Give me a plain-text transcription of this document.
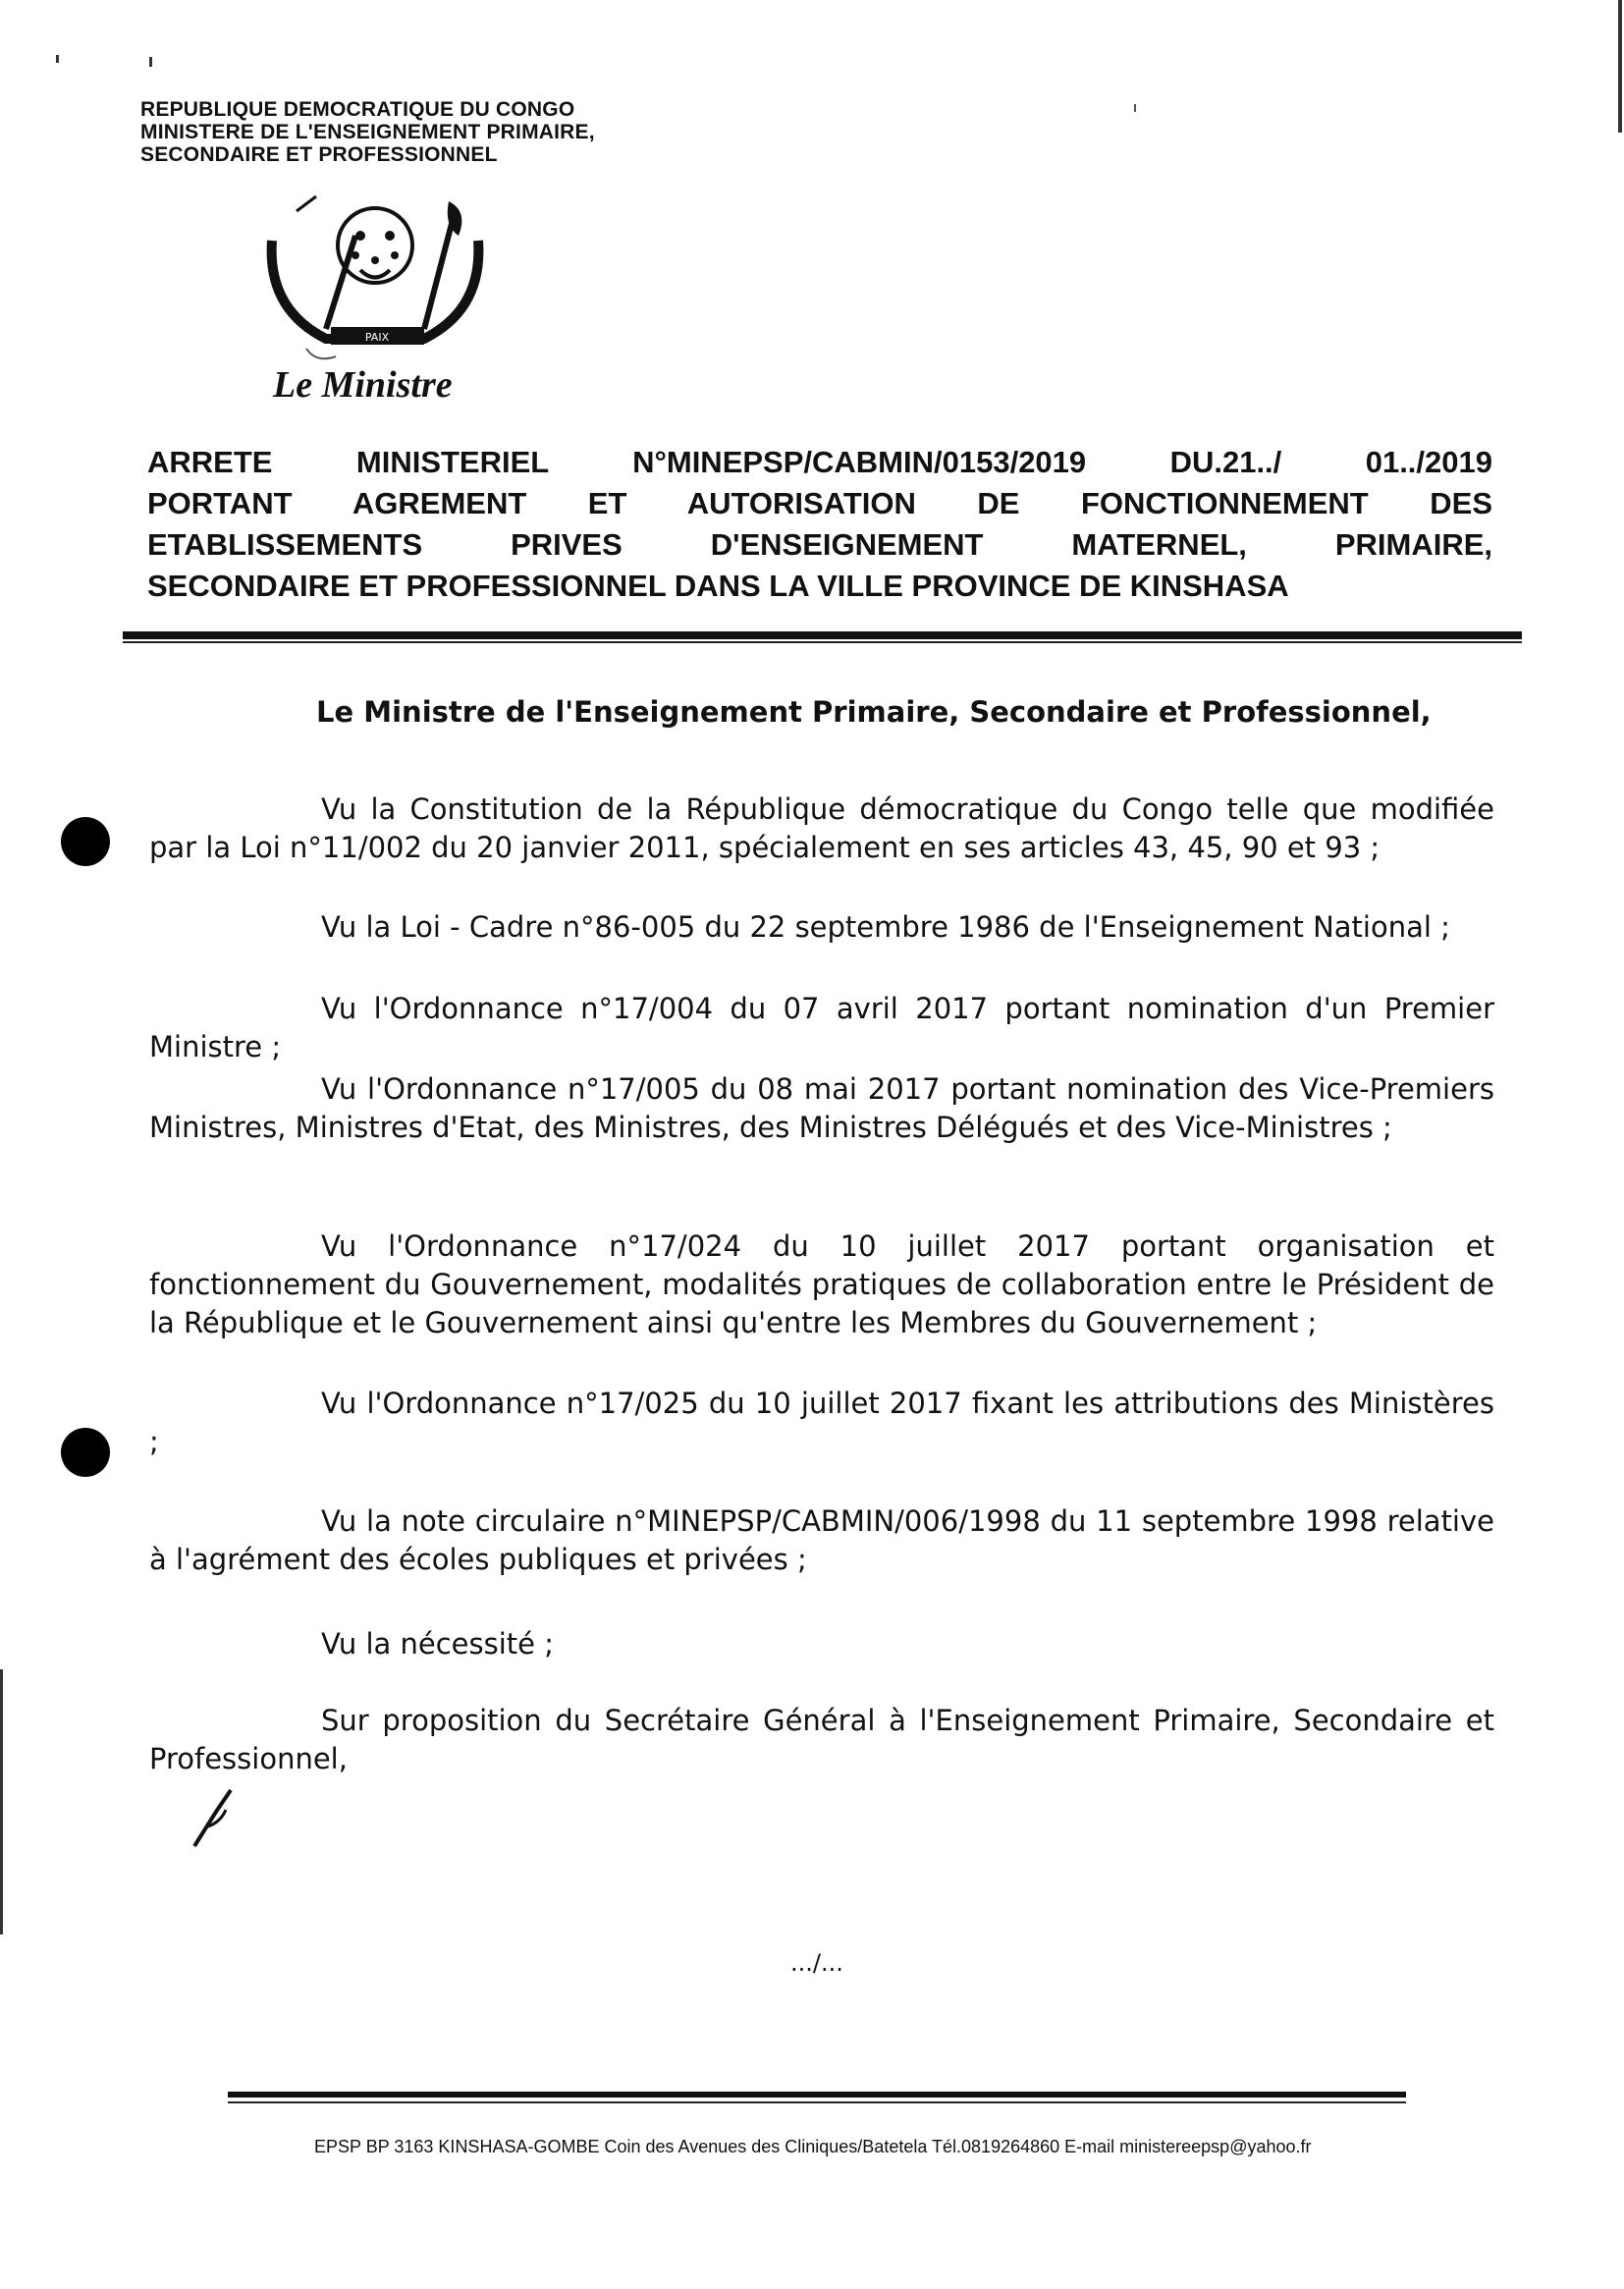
REPUBLIQUE DEMOCRATIQUE DU CONGO
MINISTERE DE L'ENSEIGNEMENT PRIMAIRE,
SECONDAIRE ET PROFESSIONNEL
PAIX
Le Ministre
ARRETE MINISTERIEL N°MINEPSP/CABMIN/0153/2019 DU.21../ 01../2019
PORTANT AGREMENT ET AUTORISATION DE FONCTIONNEMENT DES
ETABLISSEMENTS PRIVES D'ENSEIGNEMENT MATERNEL, PRIMAIRE,
SECONDAIRE ET PROFESSIONNEL DANS LA VILLE PROVINCE DE KINSHASA
Le Ministre de l'Enseignement Primaire, Secondaire et Professionnel,

Vu la Constitution de la République démocratique du Congo telle que modifiée par la Loi n°11/002 du 20 janvier 2011, spécialement en ses articles 43, 45, 90 et 93 ;

Vu la Loi - Cadre n°86-005 du 22 septembre 1986 de l'Enseignement National ;

Vu l'Ordonnance n°17/004 du 07 avril 2017 portant nomination d'un Premier Ministre ;

Vu l'Ordonnance n°17/005 du 08 mai 2017 portant nomination des Vice-Premiers Ministres, Ministres d'Etat, des Ministres, des Ministres Délégués et des Vice-Ministres ;

Vu l'Ordonnance n°17/024 du 10 juillet 2017 portant organisation et fonctionnement du Gouvernement, modalités pratiques de collaboration entre le Président de la République et le Gouvernement ainsi qu'entre les Membres du Gouvernement ;

Vu l'Ordonnance n°17/025 du 10 juillet 2017 fixant les attributions des Ministères ;

Vu la note circulaire n°MINEPSP/CABMIN/006/1998 du 11 septembre 1998 relative à l'agrément des écoles publiques et privées ;

Vu la nécessité ;

Sur proposition du Secrétaire Général à l'Enseignement Primaire, Secondaire et Professionnel,

.../...
EPSP BP 3163 KINSHASA-GOMBE Coin des Avenues des Cliniques/Batetela Tél.0819264860 E-mail ministereepsp@yahoo.fr
